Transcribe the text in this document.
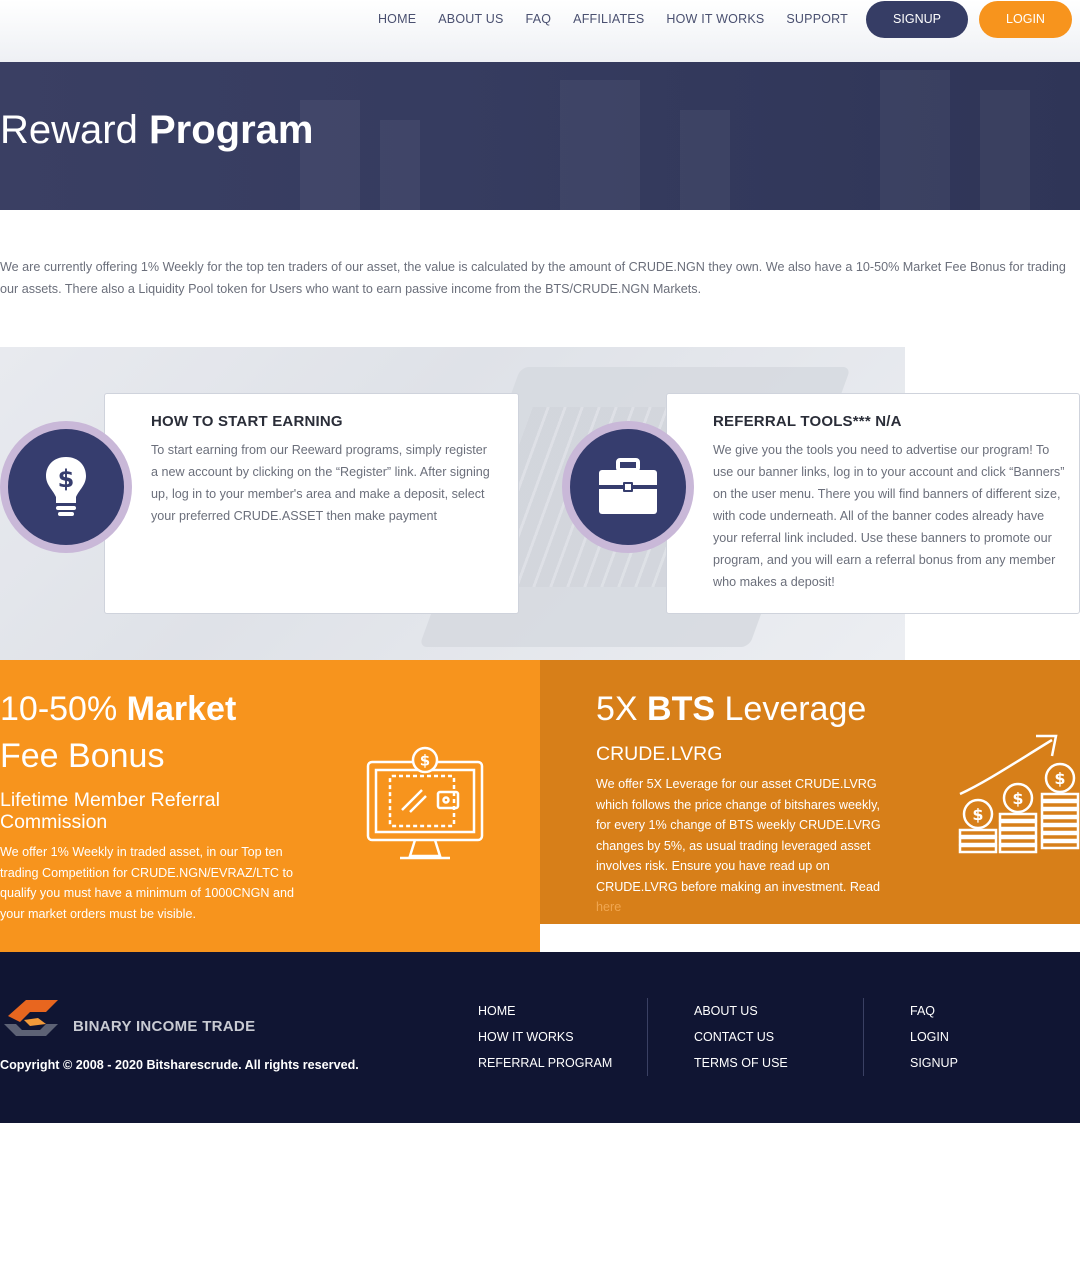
HOME ABOUT US FAQ AFFILIATES HOW IT WORKS SUPPORT	SIGNUP	LOGIN
Reward Program

We are currently offering 1% Weekly for the top ten traders of our asset, the value is calculated by the amount of CRUDE.NGN they own. We also have a 10-50% Market Fee Bonus for trading our assets. There also a Liquidity Pool token for Users who want to earn passive income from the BTS/CRUDE.NGN Markets.

HOW TO START EARNING

To start earning from our Reeward programs, simply register a new account by clicking on the “Register” link. After signing up, log in to your member's area and make a deposit, select your preferred CRUDE.ASSET then make payment

$
REFERRAL TOOLS*** N/A

We give you the tools you need to advertise our program! To use our banner links, log in to your account and click “Banners” on the user menu. There you will find banners of different size, with code underneath. All of the banner codes already have your referral link included. Use these banners to promote our program, and you will earn a referral bonus from any member who makes a deposit!

10-50% Market Fee Bonus
Lifetime Member Referral Commission

We offer 1% Weekly in traded asset, in our Top ten trading Competition for CRUDE.NGN/EVRAZ/LTC to qualify you must have a minimum of 1000CNGN and your market orders must be visible.

$
5X BTS Leverage
CRUDE.LVRG

We offer 5X Leverage for our asset CRUDE.LVRG which follows the price change of bitshares weekly, for every 1% change of BTS weekly CRUDE.LVRG changes by 5%, as usual trading leveraged asset involves risk. Ensure you have read up on CRUDE.LVRG before making an investment. Read here

$
$
$
BINARY INCOME TRADE
Copyright © 2008 - 2020 Bitsharescrude. All rights reserved.
HOME
HOW IT WORKS
REFERRAL PROGRAM
ABOUT US
CONTACT US
TERMS OF USE
FAQ
LOGIN
SIGNUP
